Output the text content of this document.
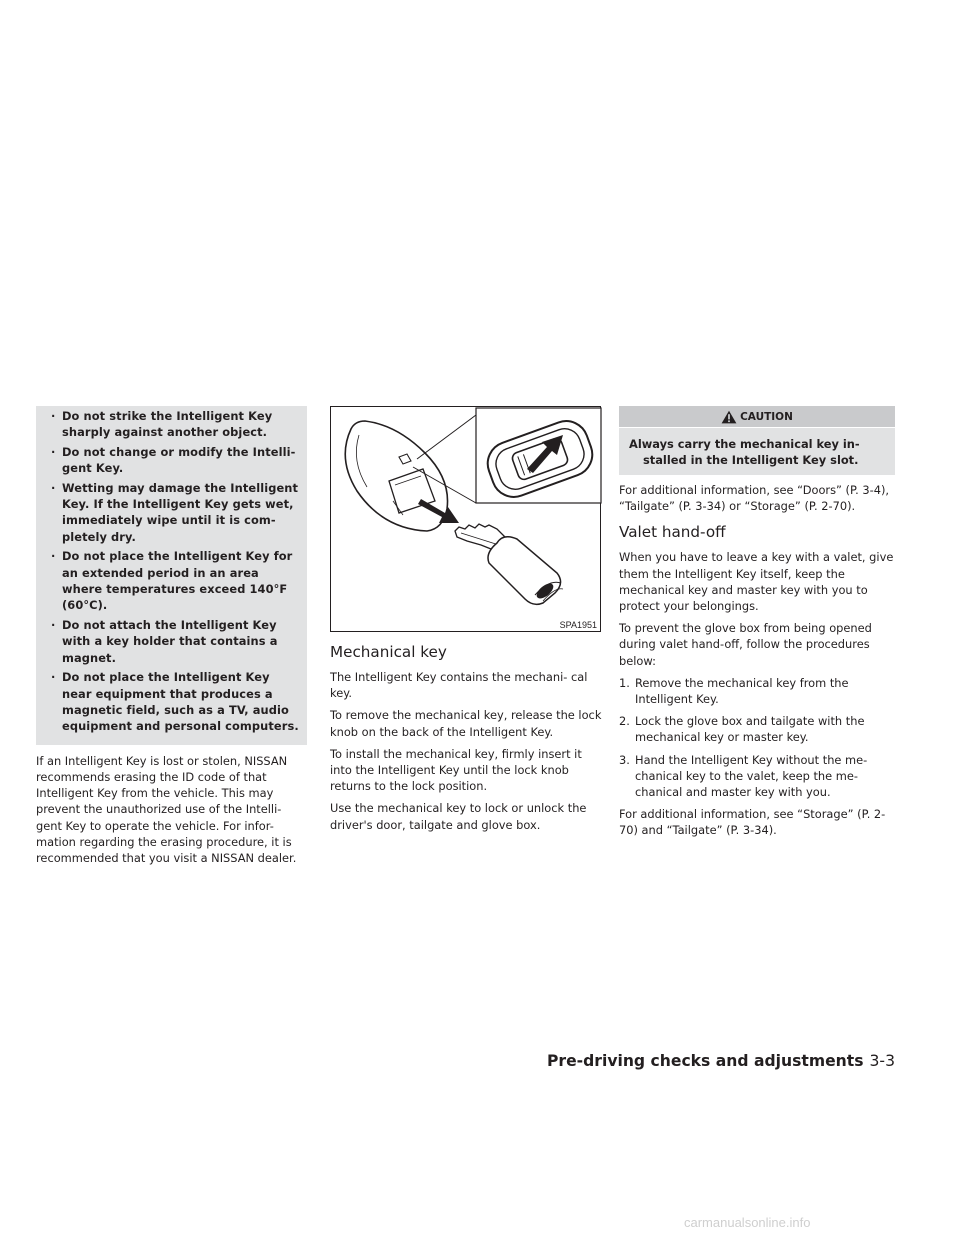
· Do not strike the Intelligent Key sharply against another object.
· Do not change or modify the Intelli- gent Key.
· Wetting may damage the Intelligent Key. If the Intelligent Key gets wet, immediately wipe until it is com- pletely dry.
· Do not place the Intelligent Key for an extended period in an area where temperatures exceed 140°F (60°C).
· Do not attach the Intelligent Key with a key holder that contains a magnet.
· Do not place the Intelligent Key near equipment that produces a magnetic field, such as a TV, audio equipment and personal computers.

If an Intelligent Key is lost or stolen, NISSAN recommends erasing the ID code of that Intelligent Key from the vehicle. This may prevent the unauthorized use of the Intelli- gent Key to operate the vehicle. For infor- mation regarding the erasing procedure, it is recommended that you visit a NISSAN dealer.

SPA1951
Mechanical key

The Intelligent Key contains the mechani- cal key.

To remove the mechanical key, release the lock knob on the back of the Intelligent Key.

To install the mechanical key, firmly insert it into the Intelligent Key until the lock knob returns to the lock position.

Use the mechanical key to lock or unlock the driver's door, tailgate and glove box.

CAUTION
Always carry the mechanical key in-
stalled in the Intelligent Key slot.

For additional information, see “Doors” (P. 3-4), “Tailgate” (P. 3-34) or “Storage” (P. 2-70).

Valet hand-off

When you have to leave a key with a valet, give them the Intelligent Key itself, keep the mechanical key and master key with you to protect your belongings.

To prevent the glove box from being opened during valet hand-off, follow the procedures below:

1. Remove the mechanical key from the Intelligent Key.
2. Lock the glove box and tailgate with the mechanical key or master key.
3. Hand the Intelligent Key without the me- chanical key to the valet, keep the me- chanical and master key with you.

For additional information, see “Storage” (P. 2-70) and “Tailgate” (P. 3-34).

Pre-driving checks and adjustments 3-3
carmanualsonline.info
